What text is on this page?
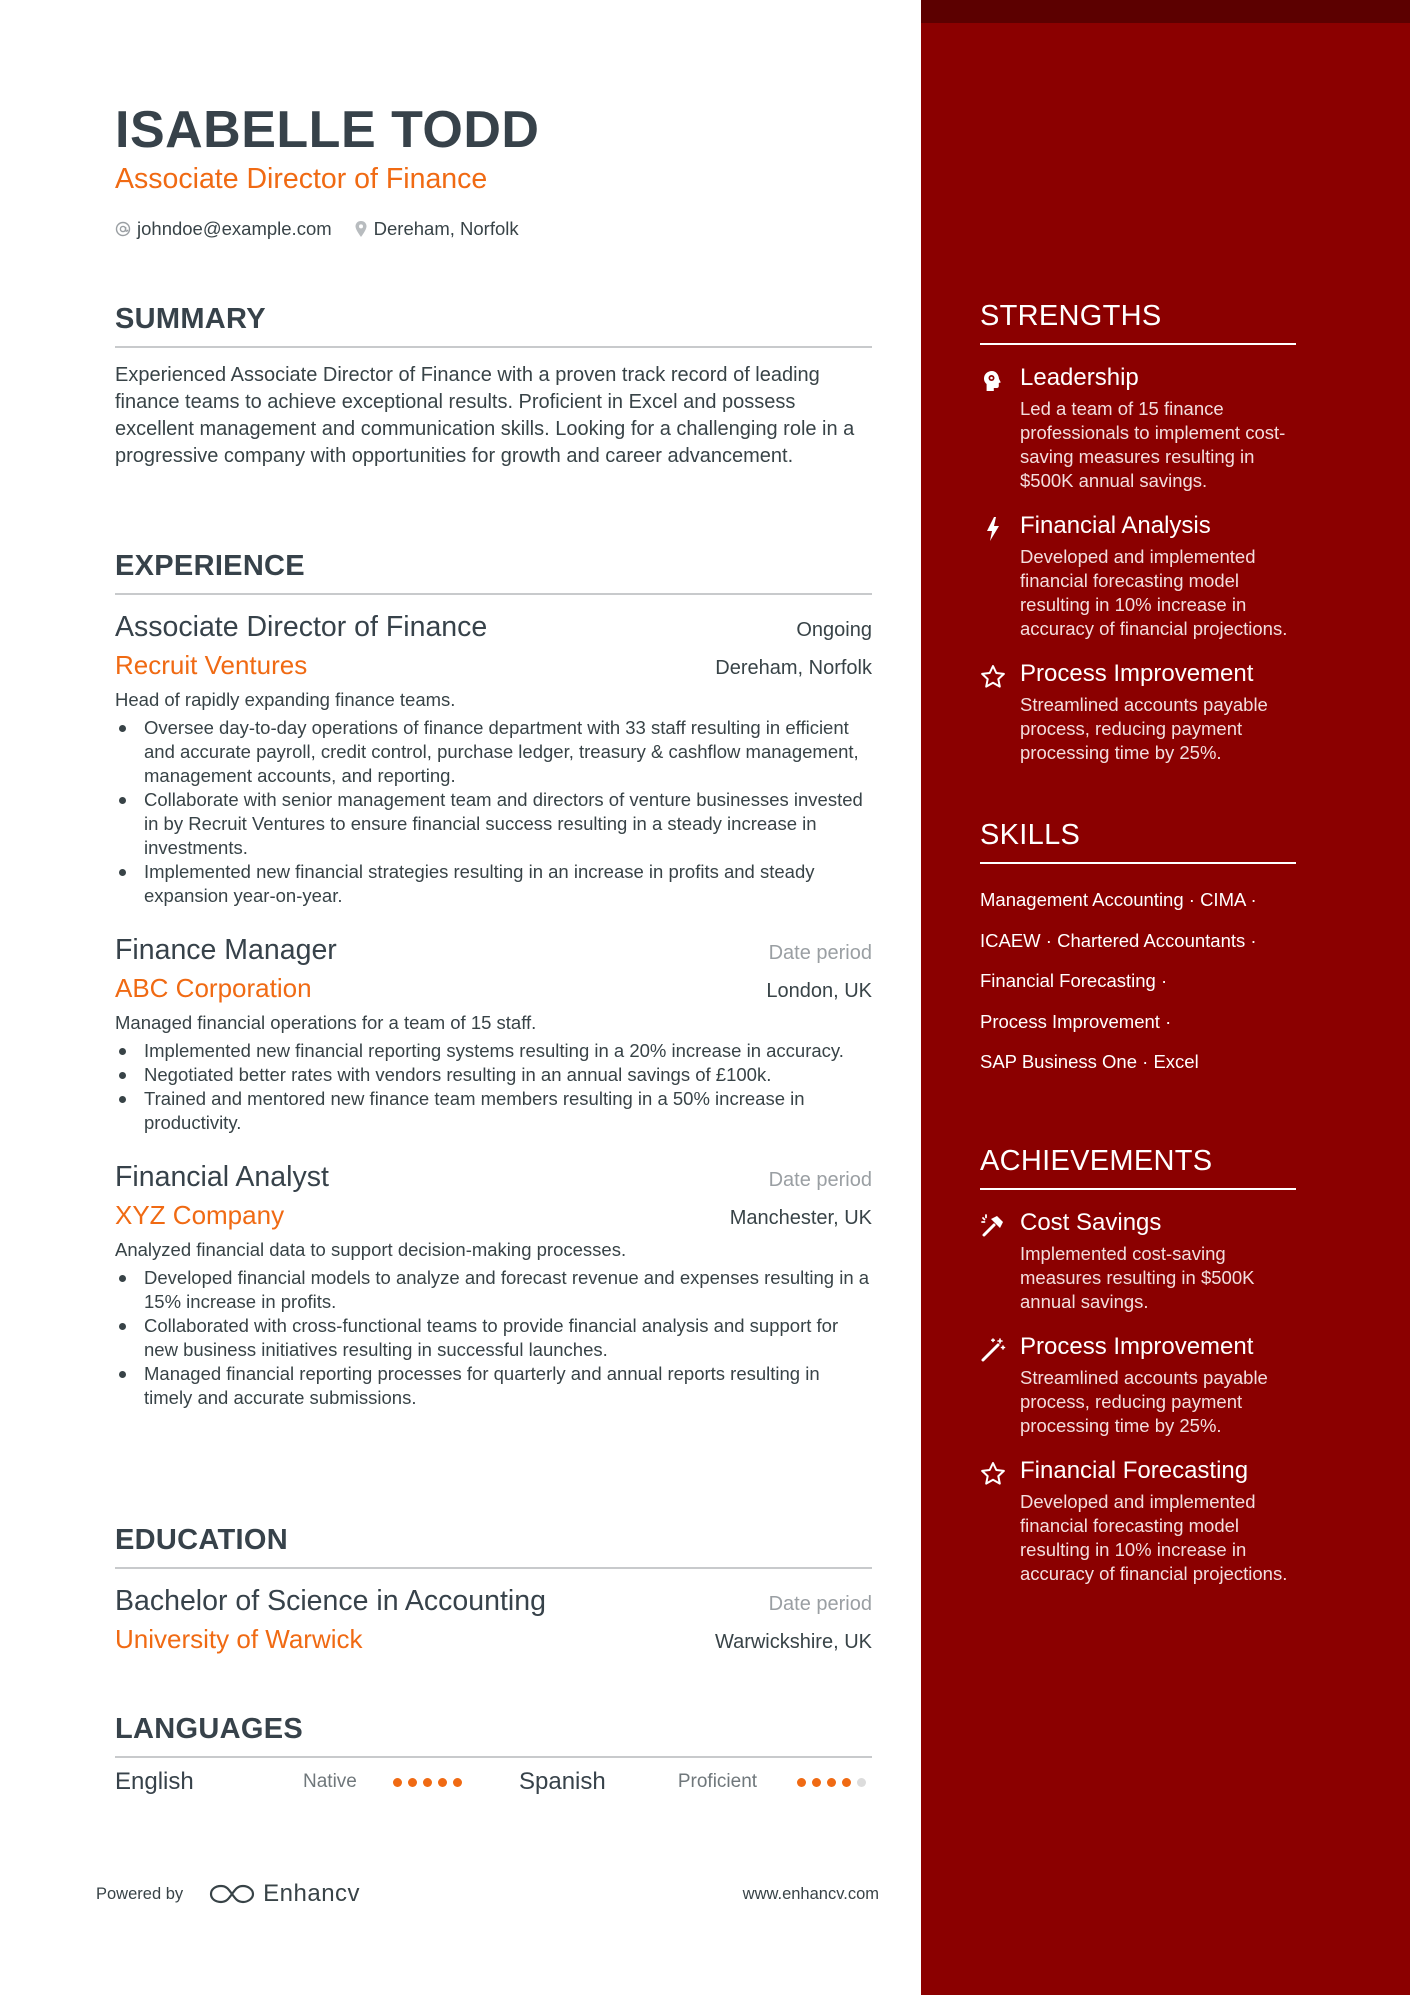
ISABELLE TODD
Associate Director of Finance
johndoe@example.com Dereham, Norfolk
SUMMARY

Experienced Associate Director of Finance with a proven track record of leading finance teams to achieve exceptional results. Proficient in Excel and possess excellent management and communication skills. Looking for a challenging role in a progressive company with opportunities for growth and career advancement.

EXPERIENCE
Associate Director of Finance	Ongoing
Recruit Ventures	Dereham, Norfolk
Head of rapidly expanding finance teams.
Oversee day-to-day operations of finance department with 33 staff resulting in efficient and accurate payroll, credit control, purchase ledger, treasury & cashflow management, management accounts, and reporting.
Collaborate with senior management team and directors of venture businesses invested in by Recruit Ventures to ensure financial success resulting in a steady increase in investments.
Implemented new financial strategies resulting in an increase in profits and steady expansion year-on-year.
Finance Manager	Date period
ABC Corporation	London, UK
Managed financial operations for a team of 15 staff.
Implemented new financial reporting systems resulting in a 20% increase in accuracy.
Negotiated better rates with vendors resulting in an annual savings of £100k.
Trained and mentored new finance team members resulting in a 50% increase in productivity.
Financial Analyst	Date period
XYZ Company	Manchester, UK
Analyzed financial data to support decision-making processes.
Developed financial models to analyze and forecast revenue and expenses resulting in a 15% increase in profits.
Collaborated with cross-functional teams to provide financial analysis and support for new business initiatives resulting in successful launches.
Managed financial reporting processes for quarterly and annual reports resulting in timely and accurate submissions.
EDUCATION
Bachelor of Science in Accounting	Date period
University of Warwick	Warwickshire, UK
LANGUAGES
English	Native	Spanish	Proficient
Powered by	Enhancv	www.enhancv.com
STRENGTHS
Leadership
Led a team of 15 finance professionals to implement cost-saving measures resulting in $500K annual savings.
Financial Analysis
Developed and implemented financial forecasting model resulting in 10% increase in accuracy of financial projections.
Process Improvement
Streamlined accounts payable process, reducing payment processing time by 25%.
SKILLS
Management Accounting · CIMA ·
ICAEW · Chartered Accountants ·
Financial Forecasting ·
Process Improvement ·
SAP Business One · Excel
ACHIEVEMENTS
Cost Savings
Implemented cost-saving measures resulting in $500K annual savings.
Process Improvement
Streamlined accounts payable process, reducing payment processing time by 25%.
Financial Forecasting
Developed and implemented financial forecasting model resulting in 10% increase in accuracy of financial projections.
